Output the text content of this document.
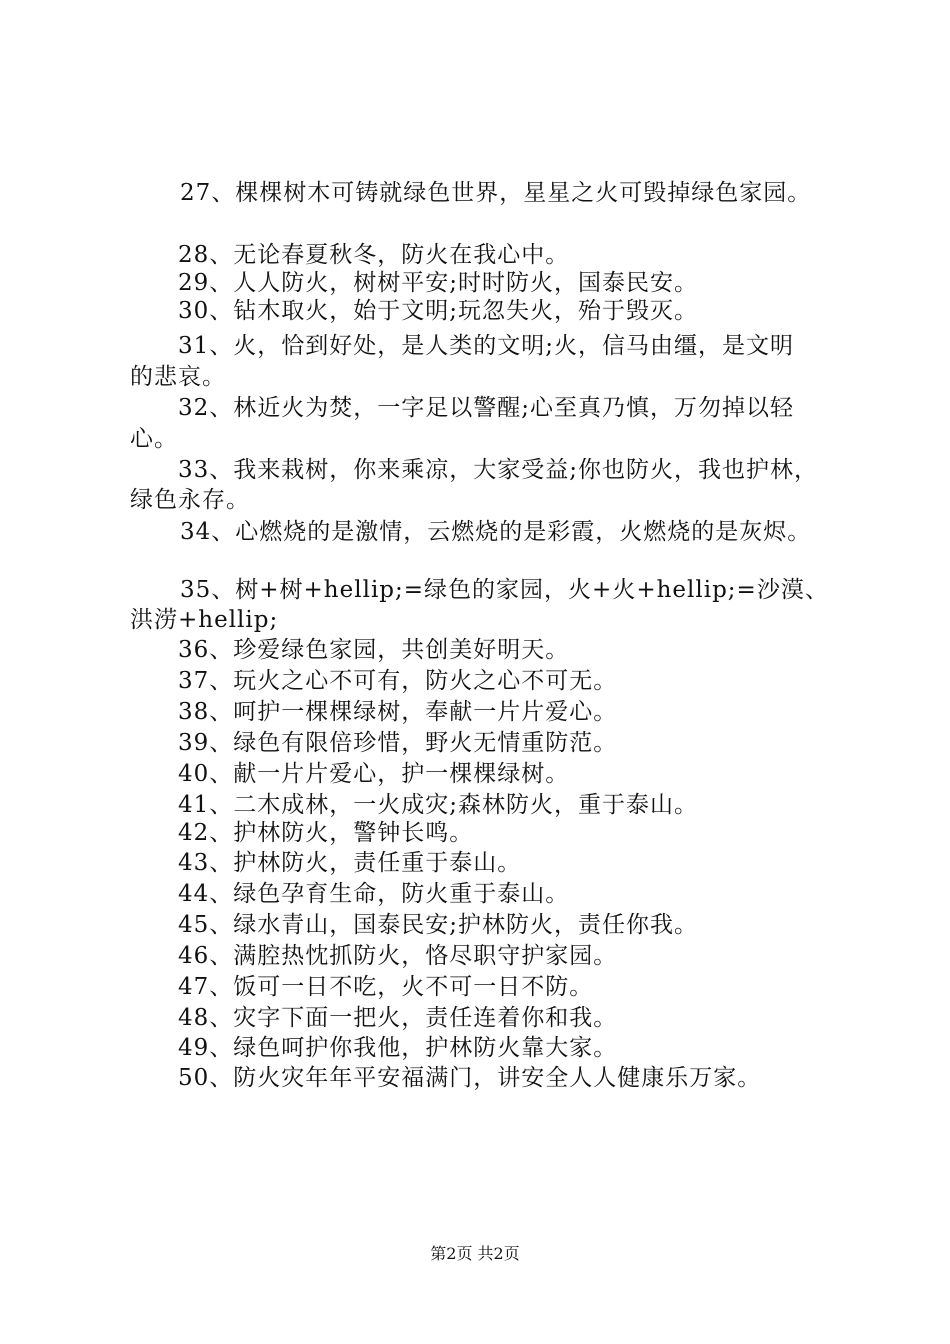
27、棵棵树木可铸就绿色世界，星星之火可毁掉绿色家园。
28、无论春夏秋冬，防火在我心中。
29、人人防火，树树平安;时时防火，国泰民安。
30、钻木取火，始于文明;玩忽失火，殆于毁灭。
31、火，恰到好处，是人类的文明;火，信马由缰，是文明
的悲哀。
32、林近火为焚，一字足以警醒;心至真乃慎，万勿掉以轻
心。
33、我来栽树，你来乘凉，大家受益;你也防火，我也护林，
绿色永存。
34、心燃烧的是激情，云燃烧的是彩霞，火燃烧的是灰烬。
35、树+树+hellip;=绿色的家园，火+火+hellip;=沙漠、
洪涝+hellip;
36、珍爱绿色家园，共创美好明天。
37、玩火之心不可有，防火之心不可无。
38、呵护一棵棵绿树，奉献一片片爱心。
39、绿色有限倍珍惜，野火无情重防范。
40、献一片片爱心，护一棵棵绿树。
41、二木成林，一火成灾;森林防火，重于泰山。
42、护林防火，警钟长鸣。
43、护林防火，责任重于泰山。
44、绿色孕育生命，防火重于泰山。
45、绿水青山，国泰民安;护林防火，责任你我。
46、满腔热忱抓防火，恪尽职守护家园。
47、饭可一日不吃，火不可一日不防。
48、灾字下面一把火，责任连着你和我。
49、绿色呵护你我他，护林防火靠大家。
50、防火灾年年平安福满门，讲安全人人健康乐万家。
第2页 共2页
